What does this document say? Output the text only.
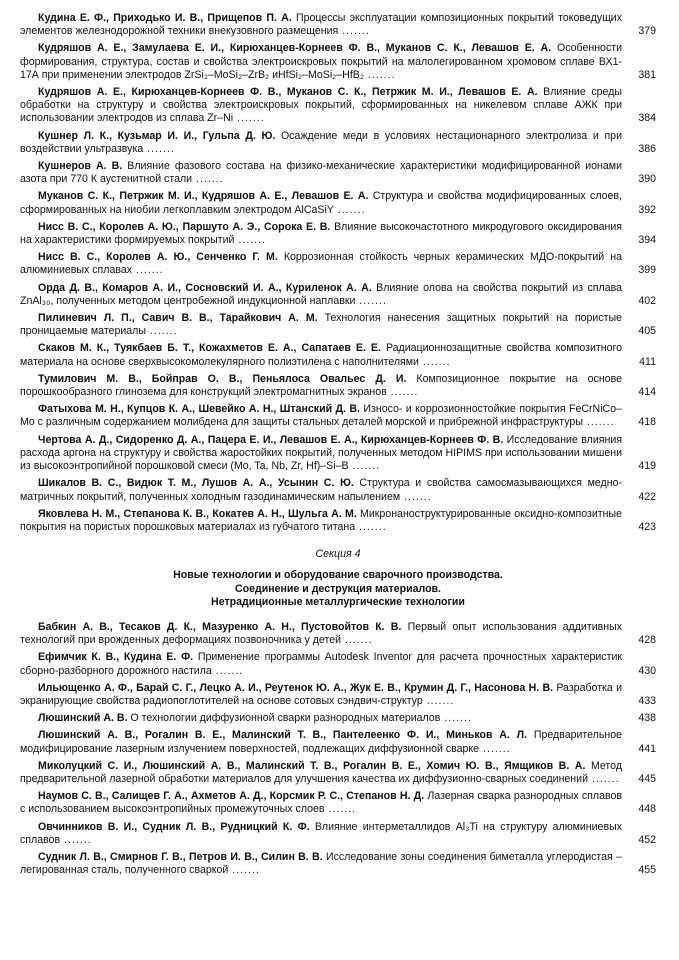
Кудина Е. Ф., Приходько И. В., Прищепов П. А. Процессы эксплуатации композиционных покрытий токоведущих элементов железнодорожной техники внекузовного размещения .......	379

Кудряшов А. Е., Замулаева Е. И., Кирюханцев-Корнеев Ф. В., Муканов С. К., Левашов Е. А. Особенности формирования, структура, состав и свойства электроискровых покрытий на малолегированном хромовом сплаве ВХ1-17А при применении электродов ZrSi₂–MoSi₂–ZrB₂ иHfSi₂–MoSi₂–HfB₂ .......	381

Кудряшов А. Е., Кирюханцев-Корнеев Ф. В., Муканов С. К., Петржик М. И., Левашов Е. А. Влияние среды обработки на структуру и свойства электроискровых покрытий, сформированных на никелевом сплаве АЖК при использовании электродов из сплава Zr–Ni .......	384

Кушнер Л. К., Кузьмар И. И., Гульпа Д. Ю. Осаждение меди в условиях нестационарного электролиза и при воздействии ультразвука .......	386

Кушнеров А. В. Влияние фазового состава на физико-механические характеристики модифицированной ионами азота при 770 К аустенитной стали .......	390

Муканов С. К., Петржик М. И., Кудряшов А. Е., Левашов Е. А. Структура и свойства модифицированных слоев, сформированных на ниобии легкоплавким электродом AlCaSiY .......	392

Нисс В. С., Королев А. Ю., Паршуто А. Э., Сорока Е. В. Влияние высокочастотного микродугового оксидирования на характеристики формируемых покрытий .......	394

Нисс В. С., Королев А. Ю., Сенченко Г. М. Коррозионная стойкость черных керамических МДО-покрытий на алюминиевых сплавах .......	399

Орда Д. В., Комаров А. И., Сосновский И. А., Куриленок А. А. Влияние олова на свойства покрытий из сплава ZnAl₃₀, полученных методом центробежной индукционной наплавки .......	402

Пилиневич Л. П., Савич В. В., Тарайкович А. М. Технология нанесения защитных покрытий на пористые проницаемые материалы .......	405

Скаков М. К., Туякбаев Б. Т., Кожахметов Е. А., Сапатаев Е. Е. Радиационнозащитные свойства композитного материала на основе сверхвысокомолекулярного полиэтилена с наполнителями .......	411

Тумилович М. В., Бойправ О. В., Пеньялоса Овальес Д. И. Композиционное покрытие на основе порошкообразного глинозема для конструкций электромагнитных экранов .......	414

Фатыхова М. Н., Купцов К. А., Шевейко А. Н., Штанский Д. В. Износо- и коррозионностойкие покрытия FeCrNiCo–Mo с различным содержанием молибдена для защиты стальных деталей морской и прибрежной инфраструктуры .......	418

Чертова А. Д., Сидоренко Д. А., Пацера Е. И., Левашов Е. А., Кирюханцев-Корнеев Ф. В. Исследование влияния расхода аргона на структуру и свойства жаростойких покрытий, полученных методом HIPIMS при использовании мишени из высокоэнтропийной порошковой смеси (Mo, Ta, Nb, Zr, Hf)–Si–B .......	419

Шикалов В. С., Видюк Т. М., Лушов А. А., Усынин С. Ю. Структура и свойства самосмазывающихся медно-матричных покрытий, полученных холодным газодинамическим напылением .......	422

Яковлева Н. М., Степанова К. В., Кокатев А. Н., Шульга А. М. Микронаноструктурированные оксидно-композитные покрытия на пористых порошковых материалах из губчатого титана .......	423

Секция 4

Новые технологии и оборудование сварочного производства.

Соединение и деструкция материалов.

Нетрадиционные металлургические технологии

Бабкин А. В., Тесаков Д. К., Мазуренко А. Н., Пустовойтов К. В. Первый опыт использования аддитивных технологий при врожденных деформациях позвоночника у детей .......	428

Ефимчик К. В., Кудина Е. Ф. Применение программы Autodesk Inventor для расчета прочностных характеристик сборно-разборного дорожного настила .......	430

Ильющенко А. Ф., Барай С. Г., Лецко А. И., Реутенок Ю. А., Жук Е. В., Крумин Д. Г., Насонова Н. В. Разработка и экранирующие свойства радиопоглотителей на основе сотовых сэндвич-структур .......	433

Люшинский А. В. О технологии диффузионной сварки разнородных материалов .......	438

Люшинский А. В., Рогалин В. Е., Малинский Т. В., Пантелеенко Ф. И., Миньков А. Л. Предварительное модифицирование лазерным излучением поверхностей, подлежащих диффузионной сварке .......	441

Миколуцкий С. И., Люшинский А. В., Малинский Т. В., Рогалин В. Е., Хомич Ю. В., Ямщиков В. А. Метод предварительной лазерной обработки материалов для улучшения качества их диффузионно-сварных соединений .......	445

Наумов С. В., Салищев Г. А., Ахметов А. Д., Корсмик Р. С., Степанов Н. Д. Лазерная сварка разнородных сплавов с использованием высокоэнтропийных промежуточных слоев .......	448

Овчинников В. И., Судник Л. В., Рудницкий К. Ф. Влияние интерметаллидов Al₃Ti на структуру алюминиевых сплавов .......	452

Судник Л. В., Смирнов Г. В., Петров И. В., Силин В. В. Исследование зоны соединения биметалла углеродистая – легированная сталь, полученного сваркой .......	455
